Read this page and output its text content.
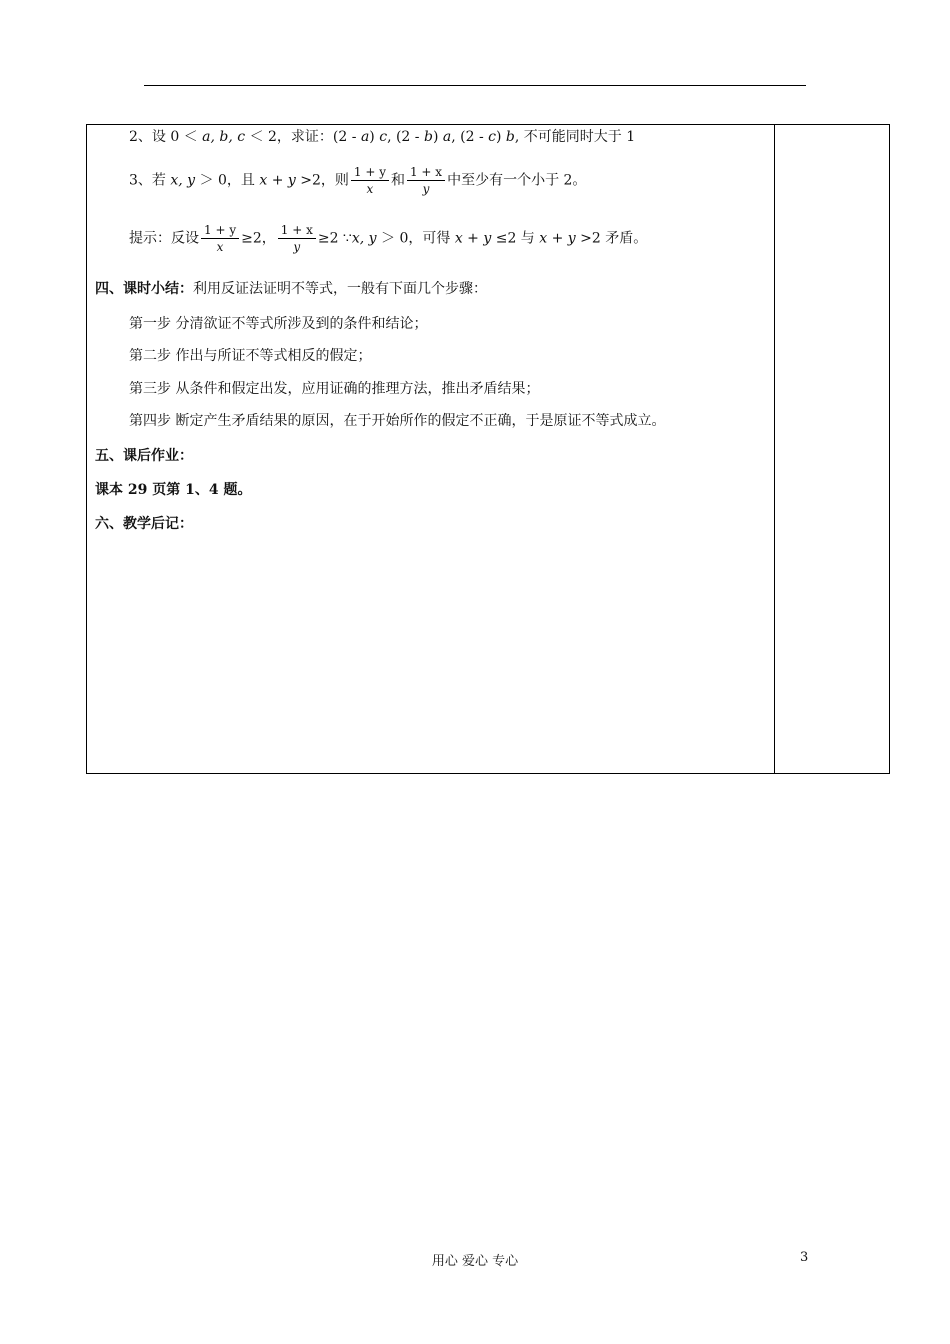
2、设 0 ＜ a, b, c ＜ 2，求证：(2 - a) c, (2 - b) a, (2 - c) b, 不可能同时大于 1
3、若 x, y ＞ 0，且 x + y >2，则 $\frac{1 + y}{x}$ 和 $\frac{1 + x}{y}$ 中至少有一个小于 2。
提示：反设 $\frac{1 + y}{x} \ge 2$， $\frac{1 + x}{y} \ge 2$ ∵x, y ＞ 0，可得 x + y ≤2 与 x + y >2 矛盾。
四、课时小结：利用反证法证明不等式，一般有下面几个步骤：
第一步 分清欲证不等式所涉及到的条件和结论；
第二步 作出与所证不等式相反的假定；
第三步 从条件和假定出发，应用证确的推理方法，推出矛盾结果；
第四步 断定产生矛盾结果的原因，在于开始所作的假定不正确，于是原证不等式成立。
五、课后作业：
课本 29 页第 1、4 题。
六、教学后记：
用心 爱心 专心	3
